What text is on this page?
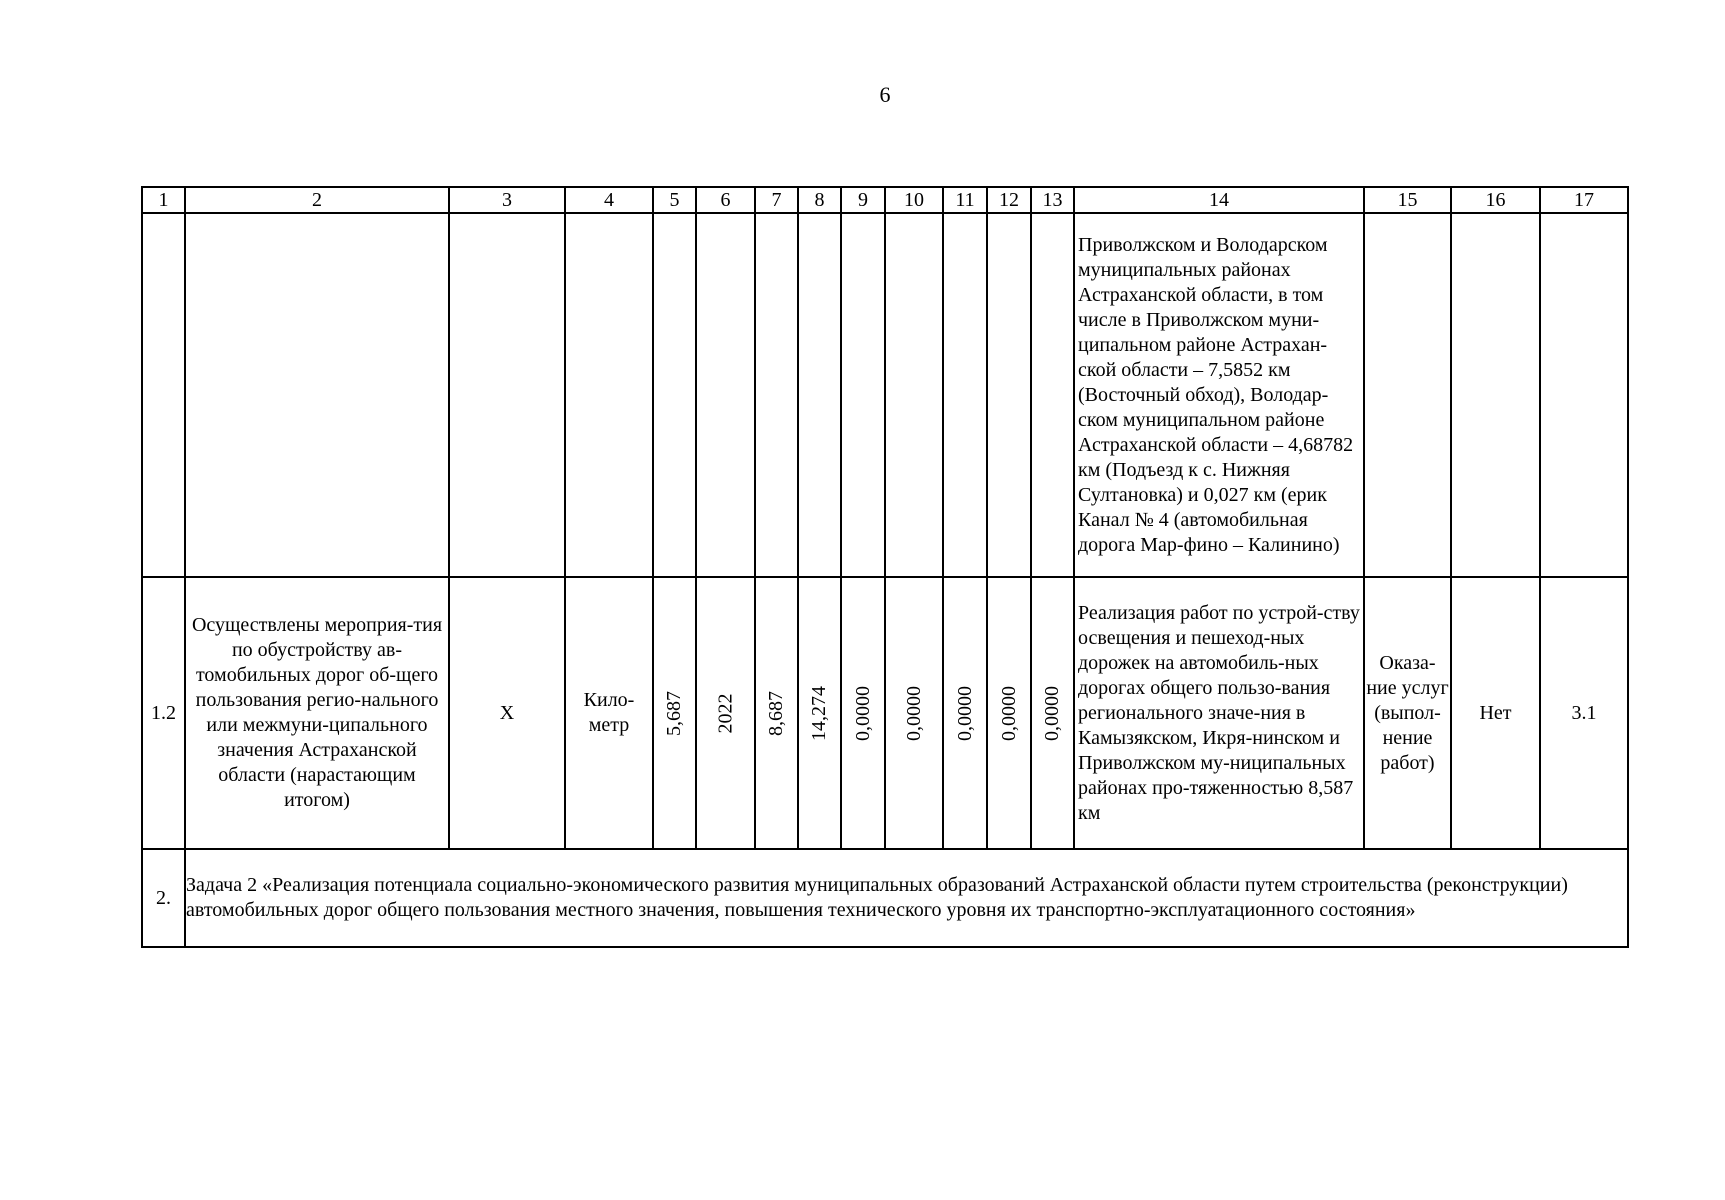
6
1	2	3	4	5	6	7	8	9	10	11	12	13	14	15	16	17

													Приволжском и Володарском муниципальных районах Астраханской области, в том числе в Приволжском муни-ципальном районе Астрахан-ской области – 7,5852 км (Восточный обход), Володар-ском муниципальном районе Астраханской области – 4,68782 км (Подъезд к с. Нижняя Султановка) и 0,027 км (ерик Канал № 4 (автомобильная дорога Мар-фино – Калинино)			

1.2	Осуществлены мероприя-тия по обустройству ав-томобильных дорог об-щего пользования регио-нального или межмуни-ципального значения Астраханской области (нарастающим итогом)	Х	Кило-метр	5,687	2022	8,687	14,274	0,0000	0,0000	0,0000	0,0000	0,0000	Реализация работ по устрой-ству освещения и пешеход-ных дорожек на автомобиль-ных дорогах общего пользо-вания регионального значе-ния в Камызякском, Икря-нинском и Приволжском му-ниципальных районах про-тяженностью 8,587 км	Оказа-ние услуг (выпол-нение работ)	Нет	3.1
2.	Задача 2 «Реализация потенциала социально-экономического развития муниципальных образований Астраханской области путем строительства (реконструкции) автомобильных дорог общего пользования местного значения, повышения технического уровня их транспортно-эксплуатационного состояния»															
